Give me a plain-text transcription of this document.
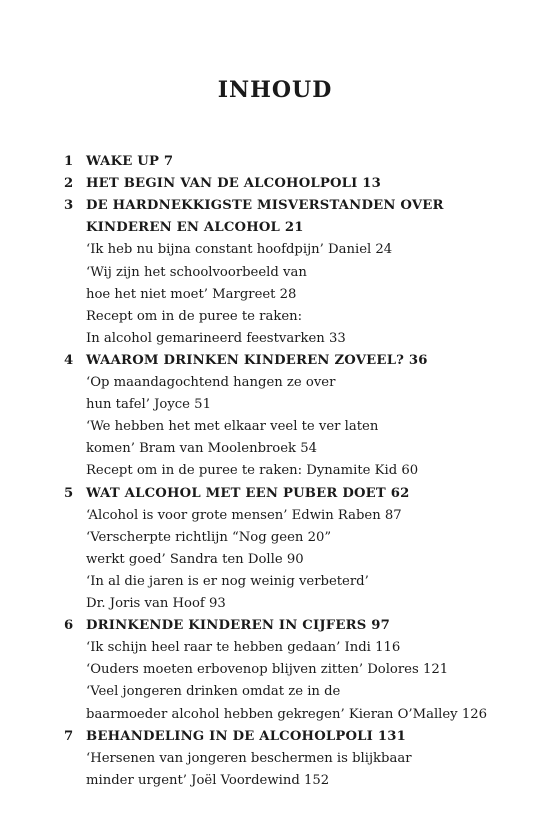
INHOUD
1 WAKE UP 7
2 HET BEGIN VAN DE ALCOHOLPOLI 13
3 DE HARDNEKKIGSTE MISVERSTANDEN OVER
KINDEREN EN ALCOHOL 21
‘Ik heb nu bijna constant hoofdpijn’ Daniel 24
‘Wij zijn het schoolvoorbeeld van
hoe het niet moet’ Margreet 28
Recept om in de puree te raken:
In alcohol gemarineerd feestvarken 33
4 WAAROM DRINKEN KINDEREN ZOVEEL? 36
‘Op maandagochtend hangen ze over
hun tafel’ Joyce 51
‘We hebben het met elkaar veel te ver laten
komen’ Bram van Moolenbroek 54
Recept om in de puree te raken: Dynamite Kid 60
5 WAT ALCOHOL MET EEN PUBER DOET 62
‘Alcohol is voor grote mensen’ Edwin Raben 87
‘Verscherpte richtlijn “Nog geen 20”
werkt goed’ Sandra ten Dolle 90
‘In al die jaren is er nog weinig verbeterd’
Dr. Joris van Hoof 93
6 DRINKENDE KINDEREN IN CIJFERS 97
‘Ik schijn heel raar te hebben gedaan’ Indi 116
‘Ouders moeten erbovenop blijven zitten’ Dolores 121
‘Veel jongeren drinken omdat ze in de
baarmoeder alcohol hebben gekregen’ Kieran O’Malley 126
7 BEHANDELING IN DE ALCOHOLPOLI 131
‘Hersenen van jongeren beschermen is blijkbaar
minder urgent’ Joël Voordewind 152
